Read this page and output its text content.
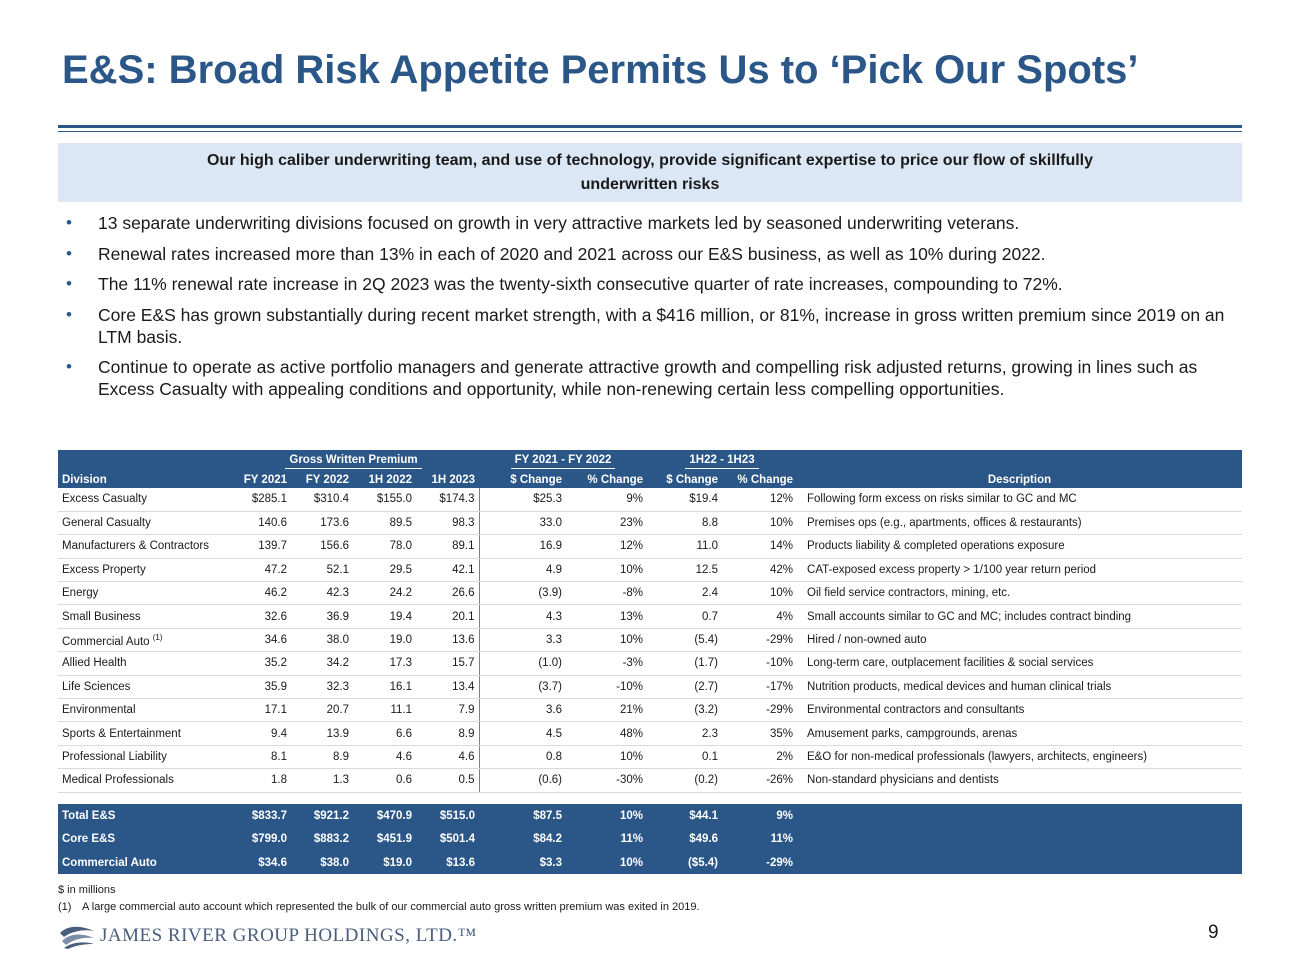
E&S: Broad Risk Appetite Permits Us to ‘Pick Our Spots’
Our high caliber underwriting team, and use of technology, provide significant expertise to price our flow of skillfully underwritten risks
• 13 separate underwriting divisions focused on growth in very attractive markets led by seasoned underwriting veterans.
• Renewal rates increased more than 13% in each of 2020 and 2021 across our E&S business, as well as 10% during 2022.
• The 11% renewal rate increase in 2Q 2023 was the twenty-sixth consecutive quarter of rate increases, compounding to 72%.
• Core E&S has grown substantially during recent market strength, with a $416 million, or 81%, increase in gross written premium since 2019 on an LTM basis.
• Continue to operate as active portfolio managers and generate attractive growth and compelling risk adjusted returns, growing in lines such as Excess Casualty with appealing conditions and opportunity, while non-renewing certain less compelling opportunities.
	Gross Written Premium				FY 2021 - FY 2022		1H22 - 1H23		
Division	FY 2021	FY 2022	1H 2022	1H 2023	$ Change	% Change	$ Change	% Change	Description
Excess Casualty	$285.1	$310.4	$155.0	$174.3	$25.3	9%	$19.4	12%	Following form excess on risks similar to GC and MC
General Casualty	140.6	173.6	89.5	98.3	33.0	23%	8.8	10%	Premises ops (e.g., apartments, offices & restaurants)
Manufacturers & Contractors	139.7	156.6	78.0	89.1	16.9	12%	11.0	14%	Products liability & completed operations exposure
Excess Property	47.2	52.1	29.5	42.1	4.9	10%	12.5	42%	CAT-exposed excess property > 1/100 year return period
Energy	46.2	42.3	24.2	26.6	(3.9)	-8%	2.4	10%	Oil field service contractors, mining, etc.
Small Business	32.6	36.9	19.4	20.1	4.3	13%	0.7	4%	Small accounts similar to GC and MC; includes contract binding
Commercial Auto $^{(1)}$	34.6	38.0	19.0	13.6	3.3	10%	(5.4)	-29%	Hired / non-owned auto
Allied Health	35.2	34.2	17.3	15.7	(1.0)	-3%	(1.7)	-10%	Long-term care, outplacement facilities & social services
Life Sciences	35.9	32.3	16.1	13.4	(3.7)	-10%	(2.7)	-17%	Nutrition products, medical devices and human clinical trials
Environmental	17.1	20.7	11.1	7.9	3.6	21%	(3.2)	-29%	Environmental contractors and consultants
Sports & Entertainment	9.4	13.9	6.6	8.9	4.5	48%	2.3	35%	Amusement parks, campgrounds, arenas
Professional Liability	8.1	8.9	4.6	4.6	0.8	10%	0.1	2%	E&O for non-medical professionals (lawyers, architects, engineers)
Medical Professionals	1.8	1.3	0.6	0.5	(0.6)	-30%	(0.2)	-26%	Non-standard physicians and dentists

Total E&S	$833.7	$921.2	$470.9	$515.0	$87.5	10%	$44.1	9%	
Core E&S	$799.0	$883.2	$451.9	$501.4	$84.2	11%	$49.6	11%	
Commercial Auto	$34.6	$38.0	$19.0	$13.6	$3.3	10%	($5.4)	-29%	
$ in millions
(1) A large commercial auto account which represented the bulk of our commercial auto gross written premium was exited in 2019.
JAMES RIVER GROUP HOLDINGS, LTD.™	9
